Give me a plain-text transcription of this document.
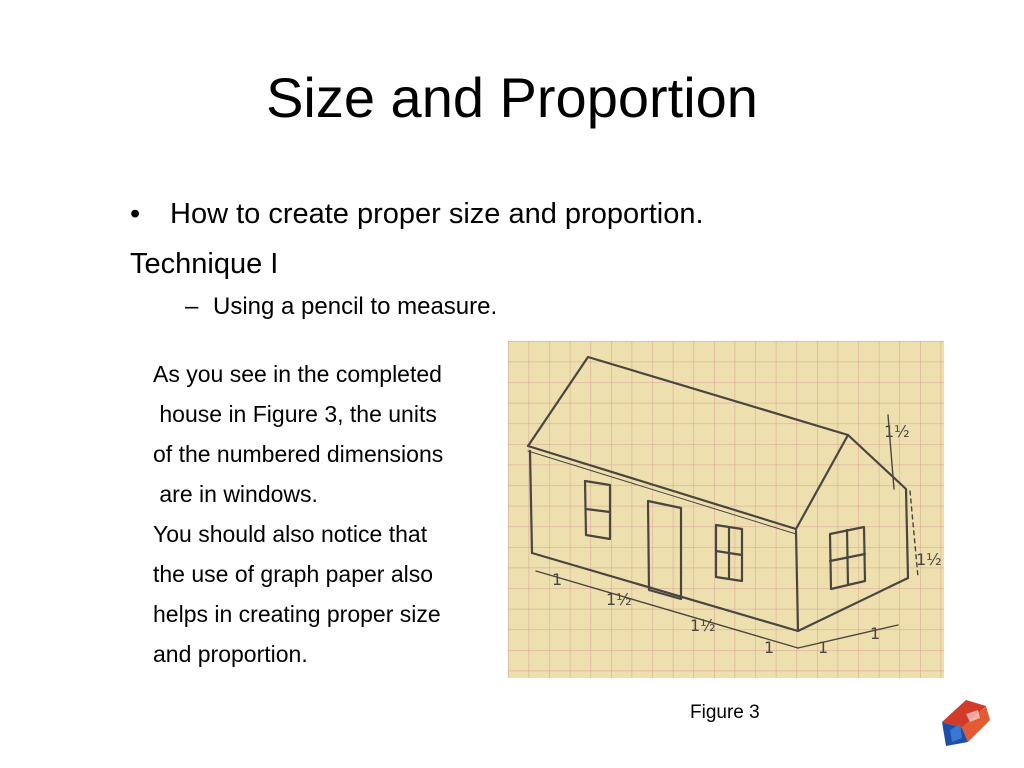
Size and Proportion
• How to create proper size and proportion.
Technique I
– Using a pencil to measure.
As you see in the completed
house in Figure 3, the units
of the numbered dimensions
are in windows.
You should also notice that
the use of graph paper also
helps in creating proper size
and proportion.
1½
1½
1
1½
1½
1	1
1
Figure 3
